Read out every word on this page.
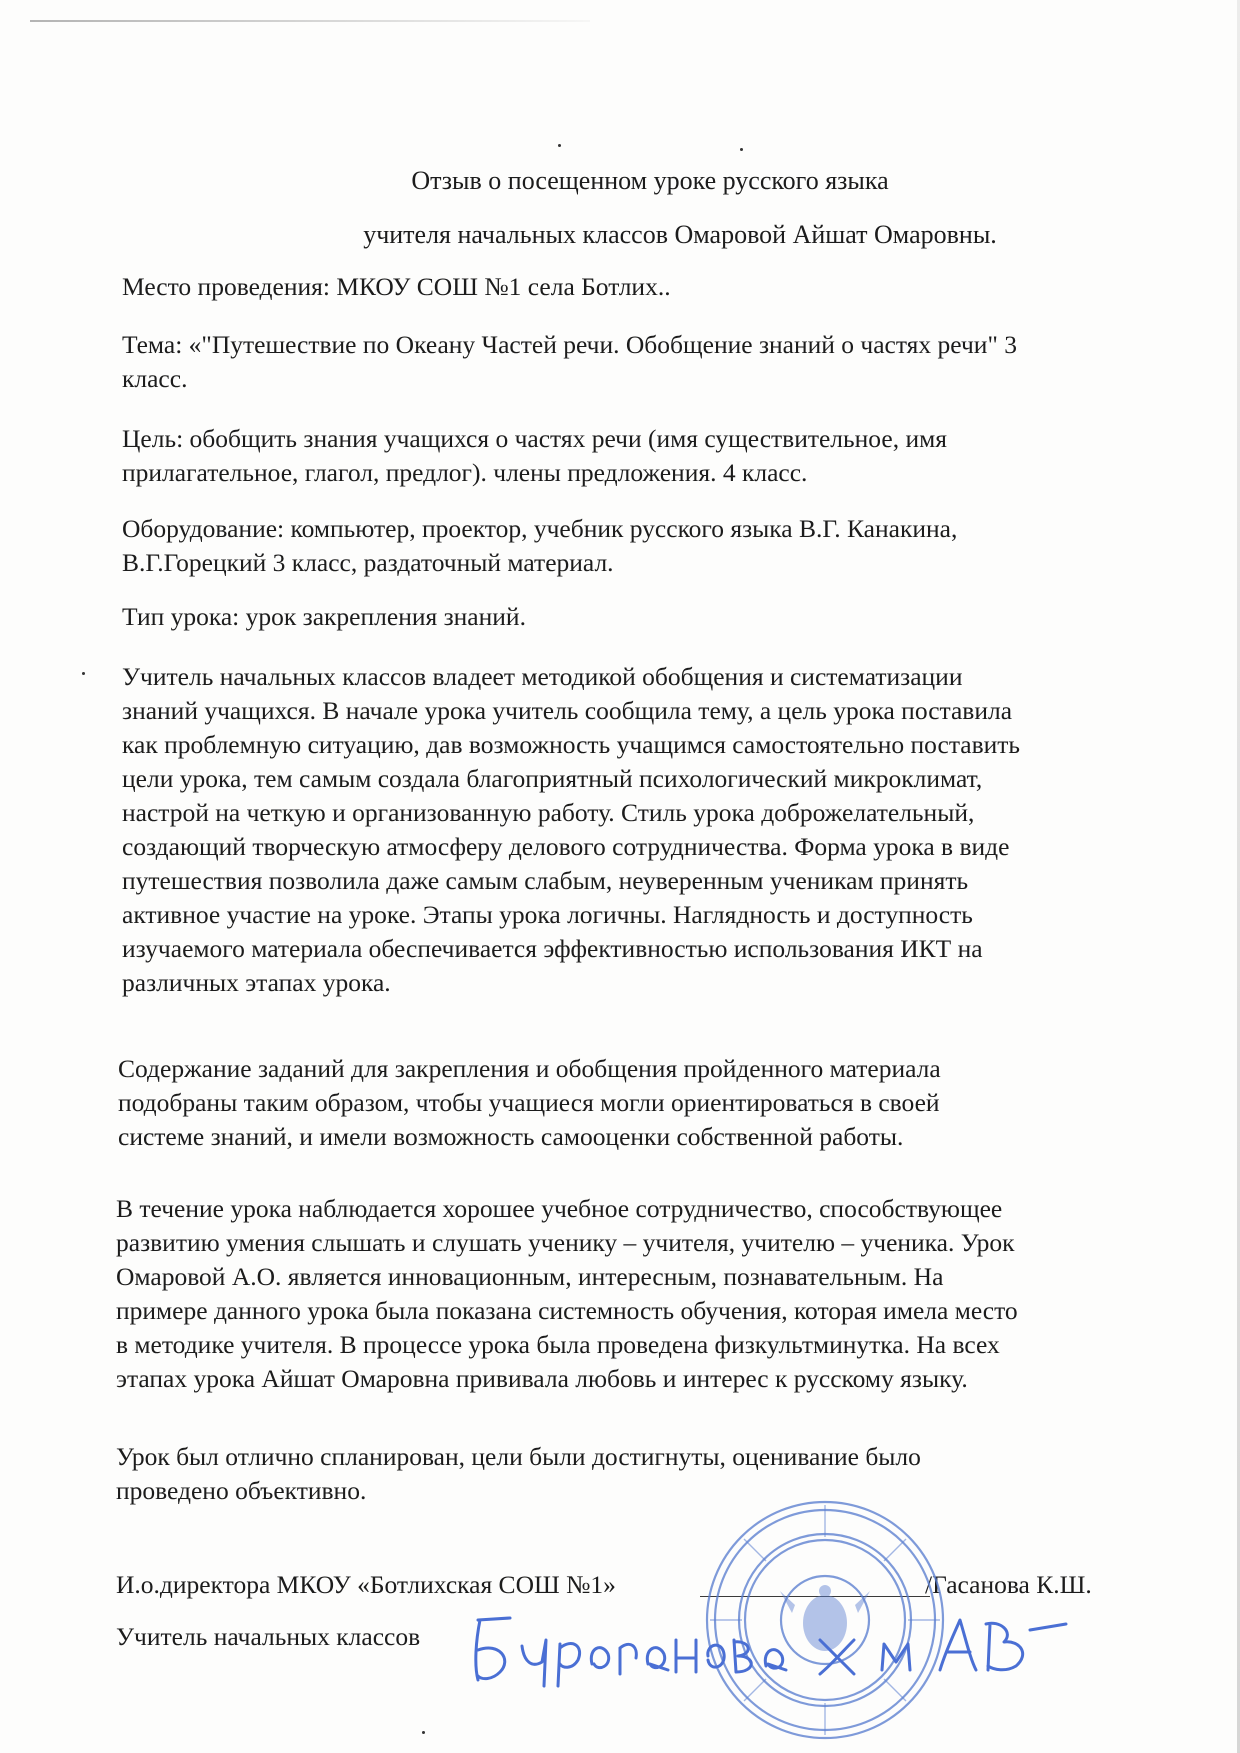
Отзыв о посещенном уроке русского языка
учителя начальных классов Омаровой Айшат Омаровны.
Место проведения: МКОУ СОШ №1 села Ботлих..
Тема: «"Путешествие по Океану Частей речи. Обобщение знаний о частях речи" 3
класс.
Цель: обобщить знания учащихся о частях речи (имя существительное, имя
прилагательное, глагол, предлог). члены предложения. 4 класс.
Оборудование: компьютер, проектор, учебник русского языка В.Г. Канакина,
В.Г.Горецкий 3 класс, раздаточный материал.
Тип урока: урок закрепления знаний.
Учитель начальных классов владеет методикой обобщения и систематизации
знаний учащихся. В начале урока учитель сообщила тему, а цель урока поставила
как проблемную ситуацию, дав возможность учащимся самостоятельно поставить
цели урока, тем самым создала благоприятный психологический микроклимат,
настрой на четкую и организованную работу. Стиль урока доброжелательный,
создающий творческую атмосферу делового сотрудничества. Форма урока в виде
путешествия позволила даже самым слабым, неуверенным ученикам принять
активное участие на уроке. Этапы урока логичны. Наглядность и доступность
изучаемого материала обеспечивается эффективностью использования ИКТ на
различных этапах урока.
Содержание заданий для закрепления и обобщения пройденного материала
подобраны таким образом, чтобы учащиеся могли ориентироваться в своей
системе знаний, и имели возможность самооценки собственной работы.
В течение урока наблюдается хорошее учебное сотрудничество, способствующее
развитию умения слышать и слушать ученику – учителя, учителю – ученика. Урок
Омаровой А.О. является инновационным, интересным, познавательным. На
примере данного урока была показана системность обучения, которая имела место
в методике учителя. В процессе урока была проведена физкультминутка. На всех
этапах урока Айшат Омаровна прививала любовь и интерес к русскому языку.
Урок был отлично спланирован, цели были достигнуты, оценивание было
проведено объективно.
И.о.директора МКОУ «Ботлихская СОШ №1»	/Гасанова К.Ш.
Учитель начальных классов
